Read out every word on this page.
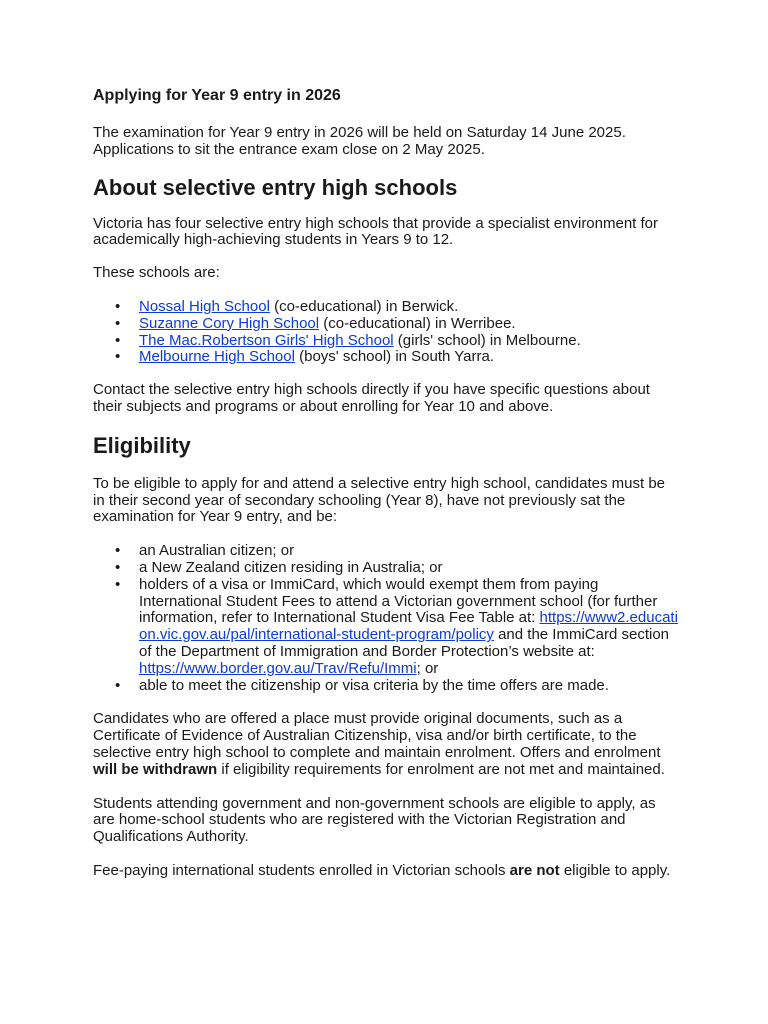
Applying for Year 9 entry in 2026

The examination for Year 9 entry in 2026 will be held on Saturday 14 June 2025.
Applications to sit the entrance exam close on 2 May 2025.

About selective entry high schools

Victoria has four selective entry high schools that provide a specialist environment for academically high-achieving students in Years 9 to 12.

These schools are:

• Nossal High School (co-educational) in Berwick.
• Suzanne Cory High School (co-educational) in Werribee.
• The Mac.Robertson Girls' High School (girls' school) in Melbourne.
• Melbourne High School (boys' school) in South Yarra.

Contact the selective entry high schools directly if you have specific questions about their subjects and programs or about enrolling for Year 10 and above.

Eligibility

To be eligible to apply for and attend a selective entry high school, candidates must be in their second year of secondary schooling (Year 8), have not previously sat the examination for Year 9 entry, and be:

• an Australian citizen; or
• a New Zealand citizen residing in Australia; or
• holders of a visa or ImmiCard, which would exempt them from paying International Student Fees to attend a Victorian government school (for further information, refer to International Student Visa Fee Table at: https://www2.education.vic.gov.au/pal/international-student-program/policy and the ImmiCard section of the Department of Immigration and Border Protection’s website at: https://www.border.gov.au/Trav/Refu/Immi; or
• able to meet the citizenship or visa criteria by the time offers are made.

Candidates who are offered a place must provide original documents, such as a Certificate of Evidence of Australian Citizenship, visa and/or birth certificate, to the selective entry high school to complete and maintain enrolment. Offers and enrolment will be withdrawn if eligibility requirements for enrolment are not met and maintained.

Students attending government and non-government schools are eligible to apply, as are home-school students who are registered with the Victorian Registration and Qualifications Authority.

Fee-paying international students enrolled in Victorian schools are not eligible to apply.
